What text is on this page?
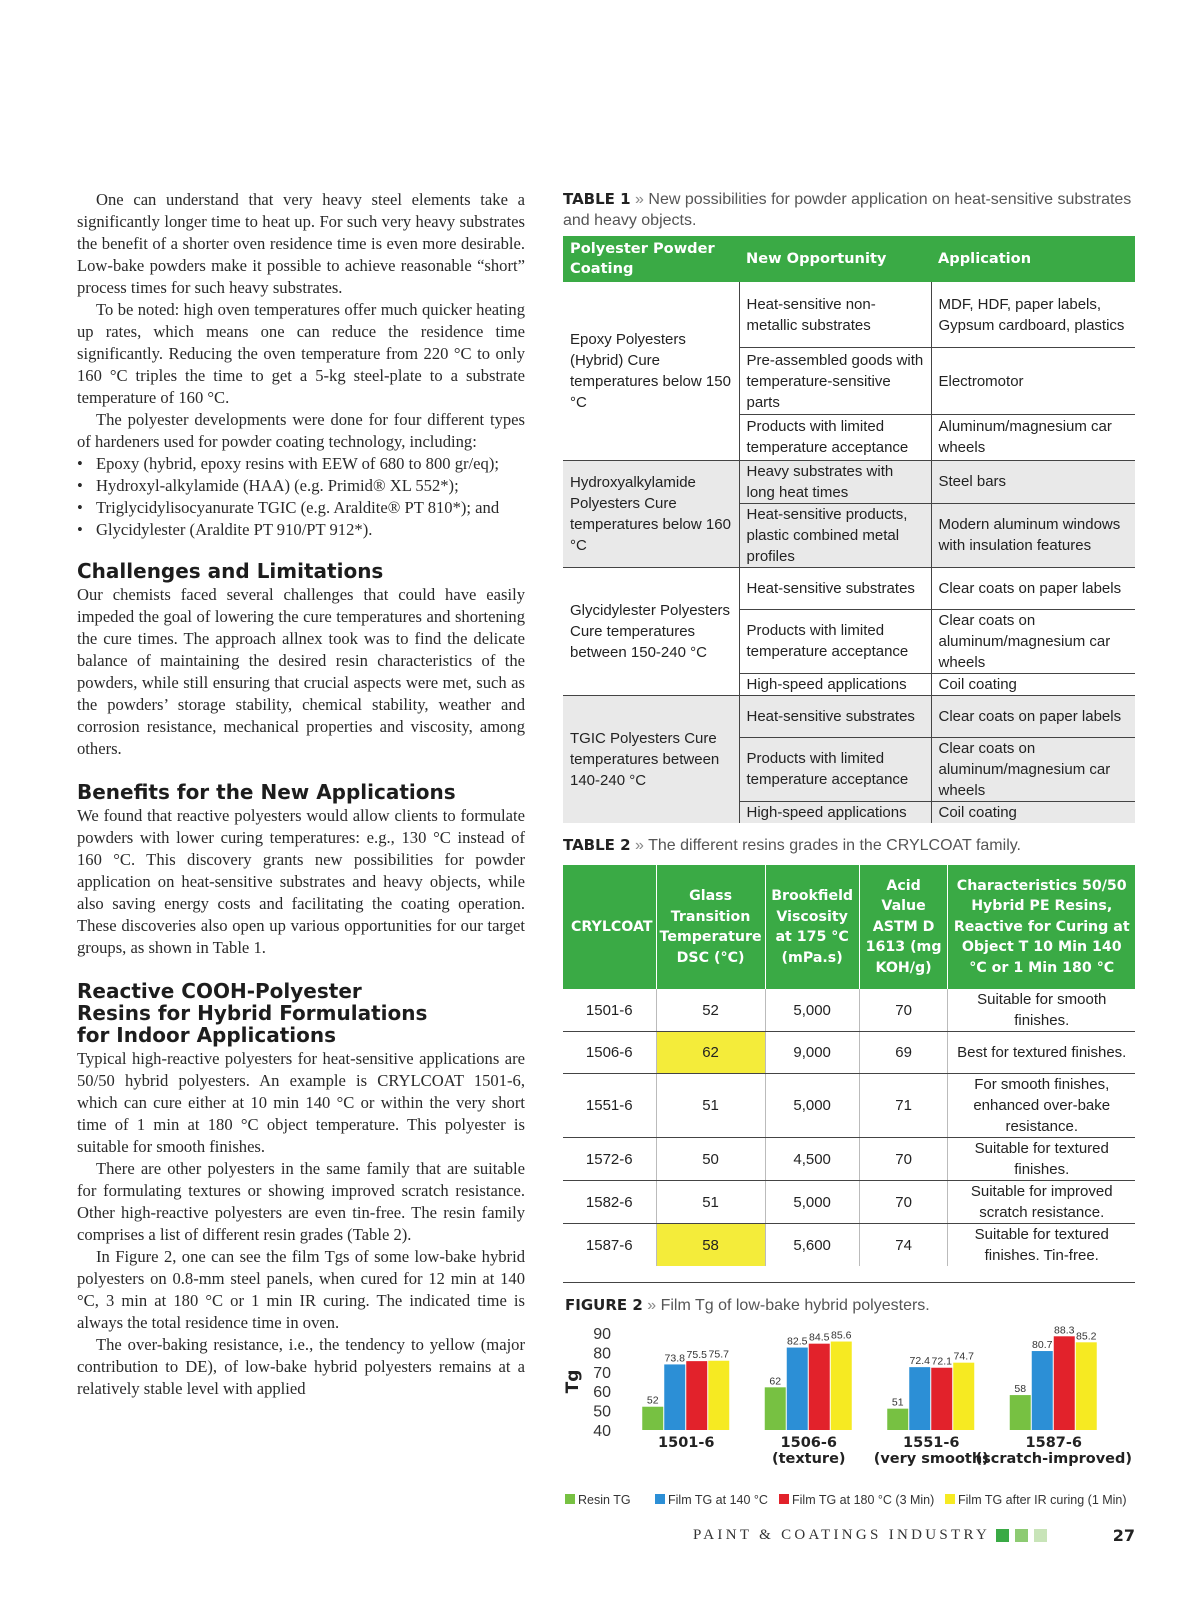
One can understand that very heavy steel elements take a significantly longer time to heat up. For such very heavy substrates the benefit of a shorter oven residence time is even more desirable. Low-bake powders make it possible to achieve reasonable “short” process times for such heavy substrates.

To be noted: high oven temperatures offer much quicker heating up rates, which means one can reduce the residence time significantly. Reducing the oven temperature from 220 °C to only 160 °C triples the time to get a 5-kg steel-plate to a substrate temperature of 160 °C.

The polyester developments were done for four different types of hardeners used for powder coating technology, including:

• Epoxy (hybrid, epoxy resins with EEW of 680 to 800 gr/eq);
• Hydroxyl-alkylamide (HAA) (e.g. Primid® XL 552*);
• Triglycidylisocyanurate TGIC (e.g. Araldite® PT 810*); and
• Glycidylester (Araldite PT 910/PT 912*).
Challenges and Limitations

Our chemists faced several challenges that could have easily impeded the goal of lowering the cure temperatures and shortening the cure times. The approach allnex took was to find the delicate balance of maintaining the desired resin characteristics of the powders, while still ensuring that crucial aspects were met, such as the powders’ storage stability, chemical stability, weather and corrosion resistance, mechanical properties and viscosity, among others.

Benefits for the New Applications

We found that reactive polyesters would allow clients to formulate powders with lower curing temperatures: e.g., 130 °C instead of 160 °C. This discovery grants new possibilities for powder application on heat-sensitive substrates and heavy objects, while also saving energy costs and facilitating the coating operation. These discoveries also open up various opportunities for our target groups, as shown in Table 1.

Reactive COOH-Polyester Resins for Hybrid Formulations for Indoor Applications

Typical high-reactive polyesters for heat-sensitive applications are 50/50 hybrid polyesters. An example is CRYLCOAT 1501-6, which can cure either at 10 min 140 °C or within the very short time of 1 min at 180 °C object temperature. This polyester is suitable for smooth finishes.

There are other polyesters in the same family that are suitable for formulating textures or showing improved scratch resistance. Other high-reactive polyesters are even tin-free. The resin family comprises a list of different resin grades (Table 2).

In Figure 2, one can see the film Tgs of some low-bake hybrid polyesters on 0.8-mm steel panels, when cured for 12 min at 140 °C, 3 min at 180 °C or 1 min IR curing. The indicated time is always the total residence time in oven.

The over-baking resistance, i.e., the tendency to yellow (major contribution to DE), of low-bake hybrid polyesters remains at a relatively stable level with applied

TABLE 1 » New possibilities for powder application on heat-sensitive substrates and heavy objects.

Polyester Powder Coating	New Opportunity	Application
Epoxy Polyesters (Hybrid) Cure temperatures below 150 °C	Heat-sensitive non-metallic substrates	MDF, HDF, paper labels, Gypsum cardboard, plastics
	Pre-assembled goods with temperature-sensitive parts	Electromotor
	Products with limited temperature acceptance	Aluminum/magnesium car wheels
Hydroxyalkylamide Polyesters Cure temperatures below 160 °C	Heavy substrates with long heat times	Steel bars
	Heat-sensitive products, plastic combined metal profiles	Modern aluminum windows with insulation features
Glycidylester Polyesters Cure temperatures between 150-240 °C	Heat-sensitive substrates	Clear coats on paper labels
	Products with limited temperature acceptance	Clear coats on aluminum/magnesium car wheels
	High-speed applications	Coil coating
TGIC Polyesters Cure temperatures between 140-240 °C	Heat-sensitive substrates	Clear coats on paper labels
	Products with limited temperature acceptance	Clear coats on aluminum/magnesium car wheels
	High-speed applications	Coil coating

TABLE 2 » The different resins grades in the CRYLCOAT family.

CRYLCOAT	Glass Transition Temperature DSC (°C)	Brookfield Viscosity at 175 °C (mPa.s)	Acid Value ASTM D 1613 (mg KOH/g)	Characteristics 50/50 Hybrid PE Resins, Reactive for Curing at Object T 10 Min 140 °C or 1 Min 180 °C
1501-6	52	5,000	70	Suitable for smooth finishes.
1506-6	62	9,000	69	Best for textured finishes.
1551-6	51	5,000	71	For smooth finishes, enhanced over-bake resistance.
1572-6	50	4,500	70	Suitable for textured finishes.
1582-6	51	5,000	70	Suitable for improved scratch resistance.
1587-6	58	5,600	74	Suitable for textured finishes. Tin-free.

FIGURE 2 » Film Tg of low-bake hybrid polyesters.

Tg
40
50
60
70
80
90
52
73.8 75.5 75.7
1501-6
62
82.5 84.5 85.6
1506-6
(texture)
51
72.4 72.1 74.7
1551-6
(very smooth)
58
80.7
88.3
85.2
1587-6
(scratch-improved)
Resin TG	Film TG at 140 °C Film TG at 180 °C (3 Min) Film TG after IR curing (1 Min)
PAINT & COATINGS INDUSTRY	27
